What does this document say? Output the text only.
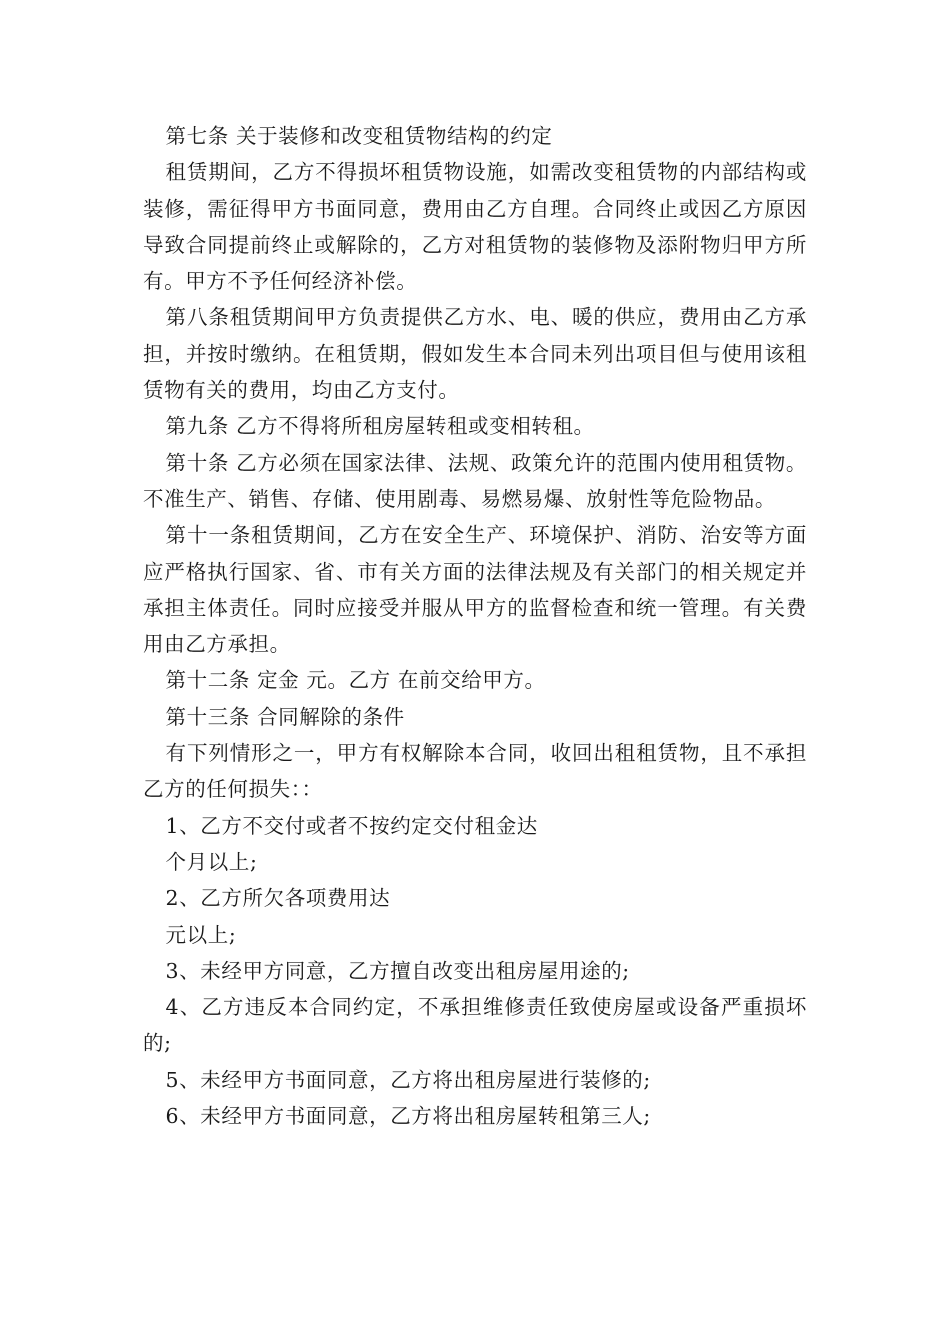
第七条 关于装修和改变租赁物结构的约定

租赁期间，乙方不得损坏租赁物设施，如需改变租赁物的内部结构或装修，需征得甲方书面同意，费用由乙方自理。合同终止或因乙方原因导致合同提前终止或解除的，乙方对租赁物的装修物及添附物归甲方所有。甲方不予任何经济补偿。

第八条租赁期间甲方负责提供乙方水、电、暖的供应，费用由乙方承担，并按时缴纳。在租赁期，假如发生本合同未列出项目但与使用该租赁物有关的费用，均由乙方支付。

第九条 乙方不得将所租房屋转租或变相转租。

第十条 乙方必须在国家法律、法规、政策允许的范围内使用租赁物。不准生产、销售、存储、使用剧毒、易燃易爆、放射性等危险物品。

第十一条租赁期间，乙方在安全生产、环境保护、消防、治安等方面应严格执行国家、省、市有关方面的法律法规及有关部门的相关规定并承担主体责任。同时应接受并服从甲方的监督检查和统一管理。有关费用由乙方承担。

第十二条 定金 元。乙方 在前交给甲方。

第十三条 合同解除的条件

有下列情形之一，甲方有权解除本合同，收回出租租赁物，且不承担乙方的任何损失：：

1、乙方不交付或者不按约定交付租金达

个月以上;

2、乙方所欠各项费用达

元以上;

3、未经甲方同意，乙方擅自改变出租房屋用途的;

4、乙方违反本合同约定，不承担维修责任致使房屋或设备严重损坏的;

5、未经甲方书面同意，乙方将出租房屋进行装修的;

6、未经甲方书面同意，乙方将出租房屋转租第三人;
